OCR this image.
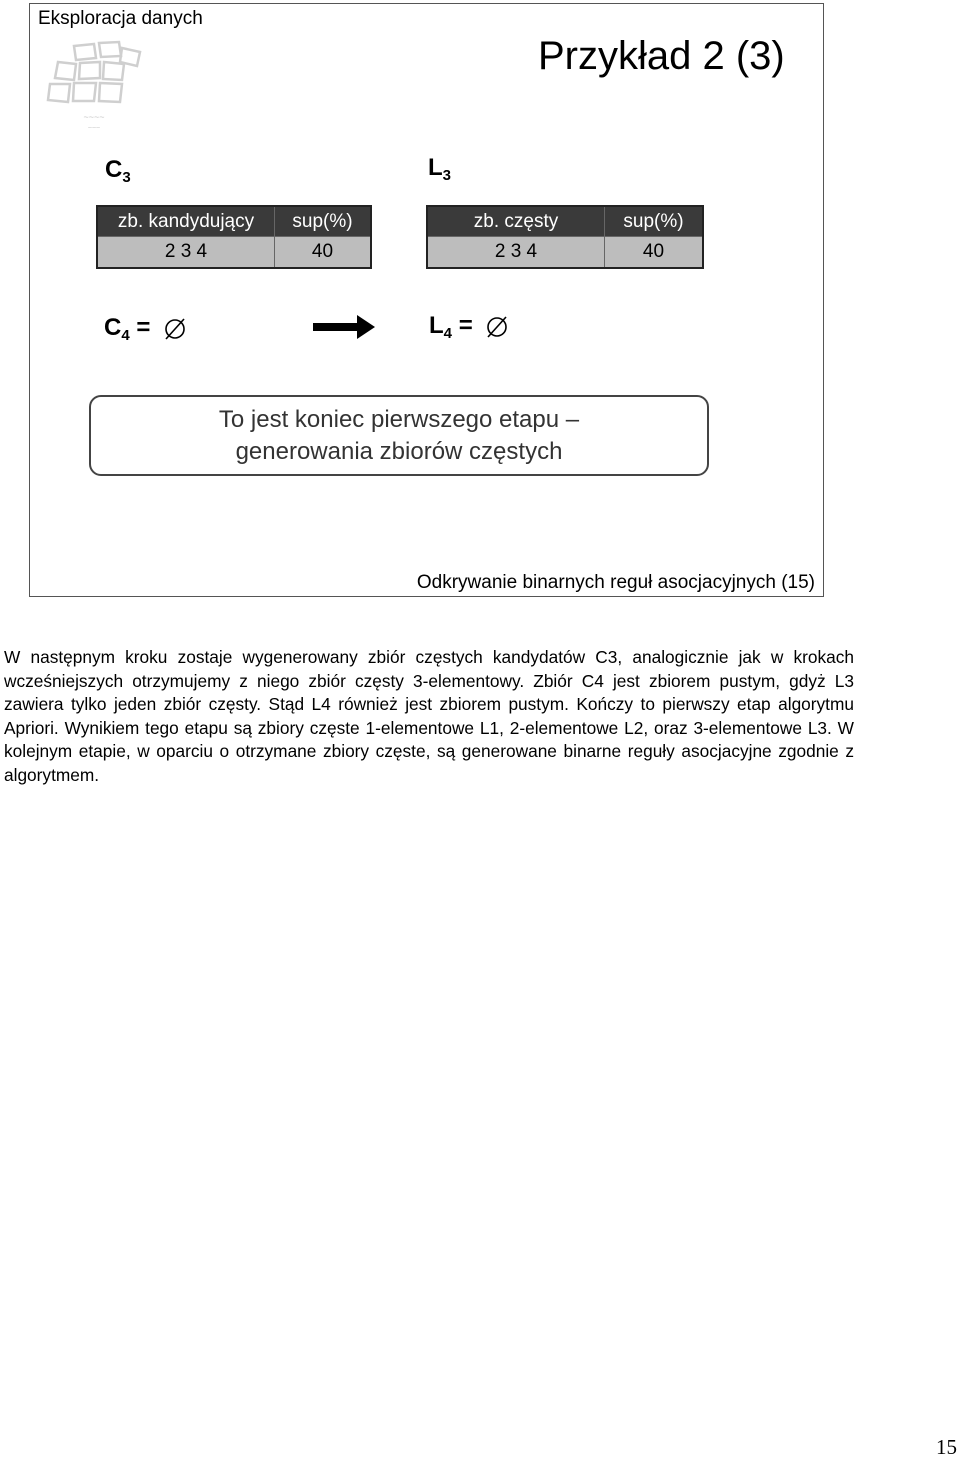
Eksploracja danych
~~~~
~~~
Przykład 2 (3)
$C_3$	$L_3$
zb. kandydujący	sup(%)
2 3 4	40
zb. częsty	sup(%)
2 3 4	40
$C_4$ =	$L_4$ =
To jest koniec pierwszego etapu –
generowania zbiorów częstych
Odkrywanie binarnych reguł asocjacyjnych (15)
W następnym kroku zostaje wygenerowany zbiór częstych kandydatów C3, analogicznie jak w krokach wcześniejszych otrzymujemy z niego zbiór częsty 3-elementowy. Zbiór C4 jest zbiorem pustym, gdyż L3 zawiera tylko jeden zbiór częsty. Stąd L4 również jest zbiorem pustym. Kończy to pierwszy etap algorytmu Apriori. Wynikiem tego etapu są zbiory częste 1-elementowe L1, 2-elementowe L2, oraz 3-elementowe L3. W kolejnym etapie, w oparciu o otrzymane zbiory częste, są generowane binarne reguły asocjacyjne zgodnie z algorytmem.
15
